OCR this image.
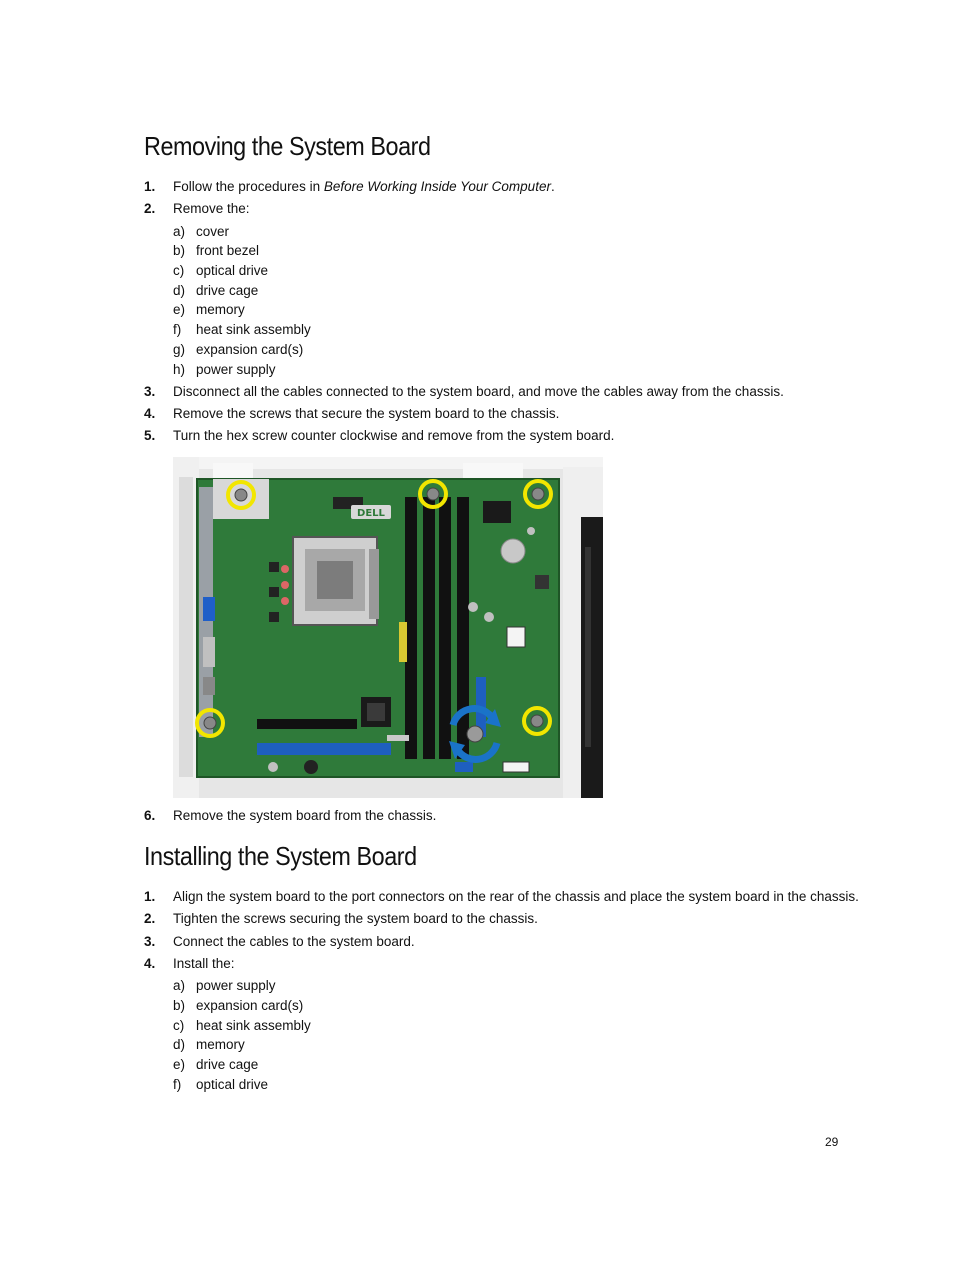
Removing the System Board
1. Follow the procedures in Before Working Inside Your Computer.
2. Remove the:
a) cover
b) front bezel
c) optical drive
d) drive cage
e) memory
f) heat sink assembly
g) expansion card(s)
h) power supply
3. Disconnect all the cables connected to the system board, and move the cables away from the chassis.
4. Remove the screws that secure the system board to the chassis.
5. Turn the hex screw counter clockwise and remove from the system board.
DELL
6. Remove the system board from the chassis.
Installing the System Board
1. Align the system board to the port connectors on the rear of the chassis and place the system board in the chassis.
2. Tighten the screws securing the system board to the chassis.
3. Connect the cables to the system board.
4. Install the:
a) power supply
b) expansion card(s)
c) heat sink assembly
d) memory
e) drive cage
f) optical drive
29
